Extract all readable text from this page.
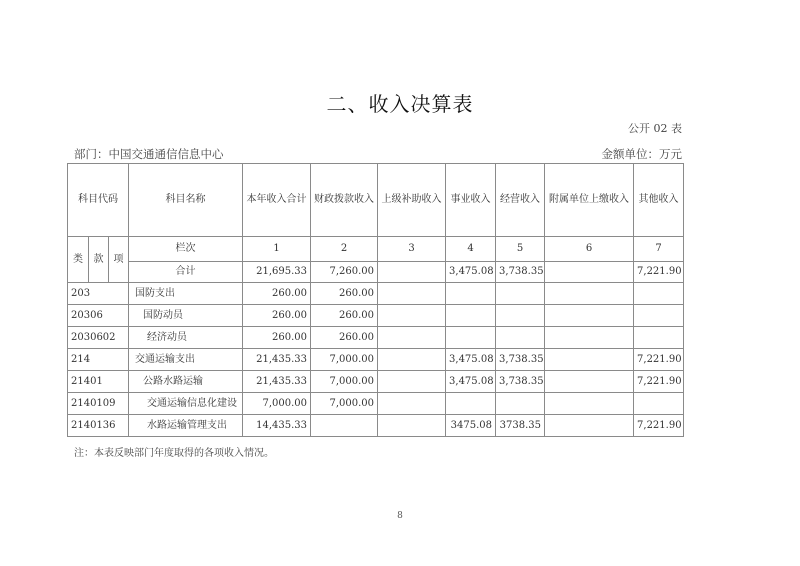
二、收入决算表
公开 02 表
部门：中国交通通信信息中心	金额单位：万元
科目代码			科目名称	本年收入合计	财政拨款收入	上级补助收入	事业收入	经营收入	附属单位上缴收入	其他收入
类	款	项	栏次	1	2	3	4	5	6	7
			合计	21,695.33	7,260.00		3,475.08	3,738.35		7,221.90
203			国防支出	260.00	260.00					
20306			国防动员	260.00	260.00					
2030602			经济动员	260.00	260.00					
214			交通运输支出	21,435.33	7,000.00		3,475.08	3,738.35		7,221.90
21401			公路水路运输	21,435.33	7,000.00		3,475.08	3,738.35		7,221.90
2140109			交通运输信息化建设	7,000.00	7,000.00					
2140136			水路运输管理支出	14,435.33			3475.08	3738.35		7,221.90
注：本表反映部门年度取得的各项收入情况。
8
